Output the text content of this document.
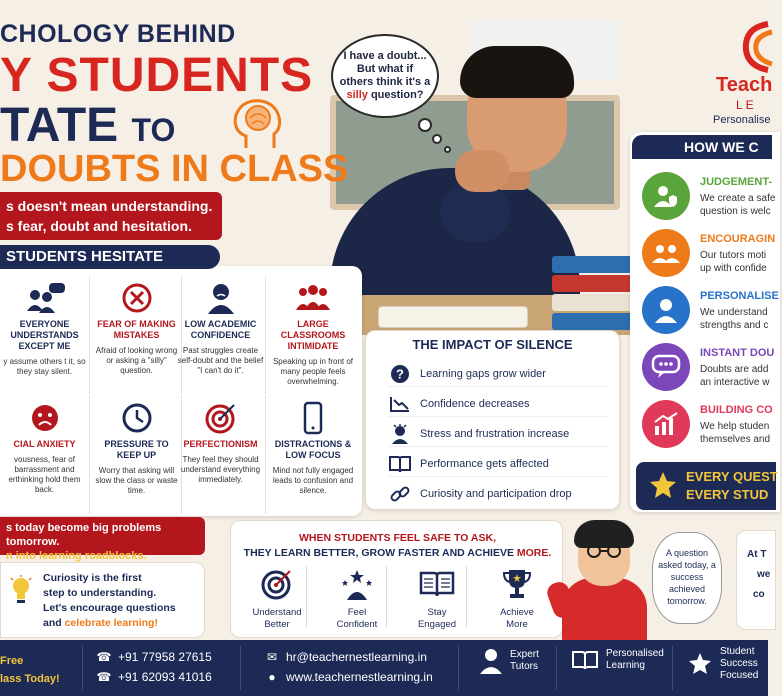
CHOLOGY BEHIND
Y STUDENTS
TATE TO
DOUBTS IN CLASS
s doesn't mean understanding.
s fear, doubt and hesitation.
I have a doubt... But what if others think it's a silly question?
EVERYONE UNDERSTANDS EXCEPT ME
y assume others t it, so they stay silent.
FEAR OF MAKING MISTAKES
Afraid of looking wrong or asking a "silly" question.
LOW ACADEMIC CONFIDENCE
Past struggles create self-doubt and the belief "I can't do it".
LARGE CLASSROOMS INTIMIDATE
Speaking up in front of many people feels overwhelming.
CIAL ANXIETY
vousness, fear of barrassment and erthinking hold them back.
PRESSURE TO KEEP UP
Worry that asking will slow the class or waste time.
PERFECTIONISM
They feel they should understand everything immediately.
DISTRACTIONS & LOW FOCUS
Mind not fully engaged leads to confusion and silence.
STUDENTS HESITATE
THE IMPACT OF SILENCE
? Learning gaps grow wider
Confidence decreases
Stress and frustration increase
Performance gets affected
Curiosity and participation drop
Teach
LE
Personalise
HOW WE C
JUDGEMENT-
We create a safe
question is welc
ENCOURAGIN
Our tutors moti
up with confide
PERSONALISE
We understand
strengths and c
INSTANT DOU
Doubts are add
an interactive w
BUILDING CO
We help studen
themselves and
EVERY QUEST
EVERY STUD
s today become big problems tomorrow.
n into learning roadblocks.
Curiosity is the first
step to understanding.
Let's encourage questions
and celebrate learning!
WHEN STUDENTS FEEL SAFE TO ASK,
THEY LEARN BETTER, GROW FASTER AND ACHIEVE MORE.
Understand
Better
Feel
Confident
Stay
Engaged
Achieve
More
A question asked today, a success achieved tomorrow.
At T
we
co
Free
lass Today!
☎ +91 77958 27615
☎ +91 62093 41016
✉ hr@teachernestlearning.in
● www.teachernestlearning.in
Expert
Tutors
Personalised
Learning
Student
Success
Focused
